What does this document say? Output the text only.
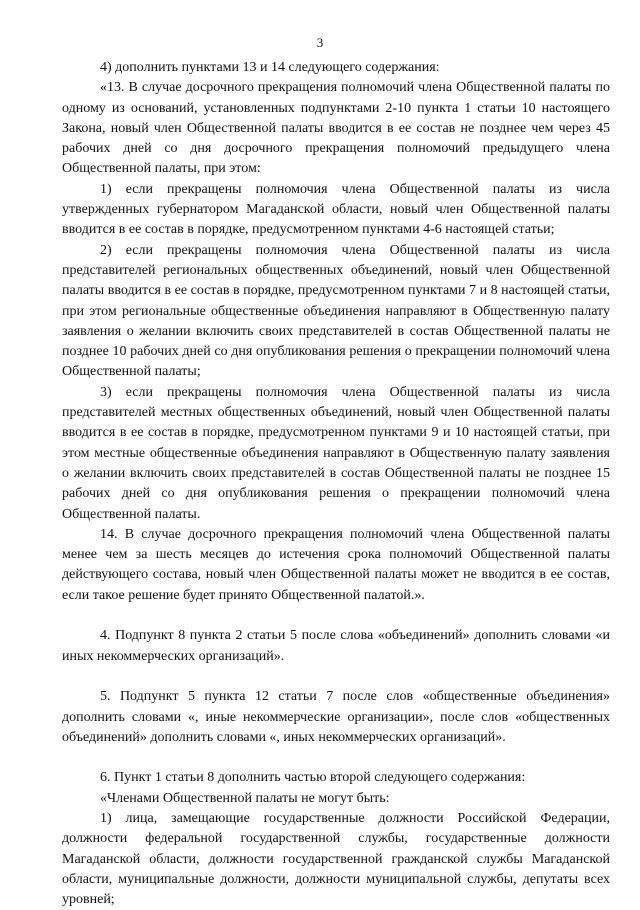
3

4) дополнить пунктами 13 и 14 следующего содержания:

«13. В случае досрочного прекращения полномочий члена Общественной палаты по одному из оснований, установленных подпунктами 2-10 пункта 1 статьи 10 настоящего Закона, новый член Общественной палаты вводится в ее состав не позднее чем через 45 рабочих дней со дня досрочного прекращения полномочий предыдущего члена Общественной палаты, при этом:

1) если прекращены полномочия члена Общественной палаты из числа утвержденных губернатором Магаданской области, новый член Общественной палаты вводится в ее состав в порядке, предусмотренном пунктами 4-6 настоящей статьи;

2) если прекращены полномочия члена Общественной палаты из числа представителей региональных общественных объединений, новый член Общественной палаты вводится в ее состав в порядке, предусмотренном пунктами 7 и 8 настоящей статьи, при этом региональные общественные объединения направляют в Общественную палату заявления о желании включить своих представителей в состав Общественной палаты не позднее 10 рабочих дней со дня опубликования решения о прекращении полномочий члена Общественной палаты;

3) если прекращены полномочия члена Общественной палаты из числа представителей местных общественных объединений, новый член Общественной палаты вводится в ее состав в порядке, предусмотренном пунктами 9 и 10 настоящей статьи, при этом местные общественные объединения направляют в Общественную палату заявления о желании включить своих представителей в состав Общественной палаты не позднее 15 рабочих дней со дня опубликования решения о прекращении полномочий члена Общественной палаты.

14. В случае досрочного прекращения полномочий члена Общественной палаты менее чем за шесть месяцев до истечения срока полномочий Общественной палаты действующего состава, новый член Общественной палаты может не вводится в ее состав, если такое решение будет принято Общественной палатой.».

4. Подпункт 8 пункта 2 статьи 5 после слова «объединений» дополнить словами «и иных некоммерческих организаций».

5. Подпункт 5 пункта 12 статьи 7 после слов «общественные объединения» дополнить словами «, иные некоммерческие организации», после слов «общественных объединений» дополнить словами «, иных некоммерческих организаций».

6. Пункт 1 статьи 8 дополнить частью второй следующего содержания:

«Членами Общественной палаты не могут быть:

1) лица, замещающие государственные должности Российской Федерации, должности федеральной государственной службы, государственные должности Магаданской области, должности государственной гражданской службы Магаданской области, муниципальные должности, должности муниципальной службы, депутаты всех уровней;
